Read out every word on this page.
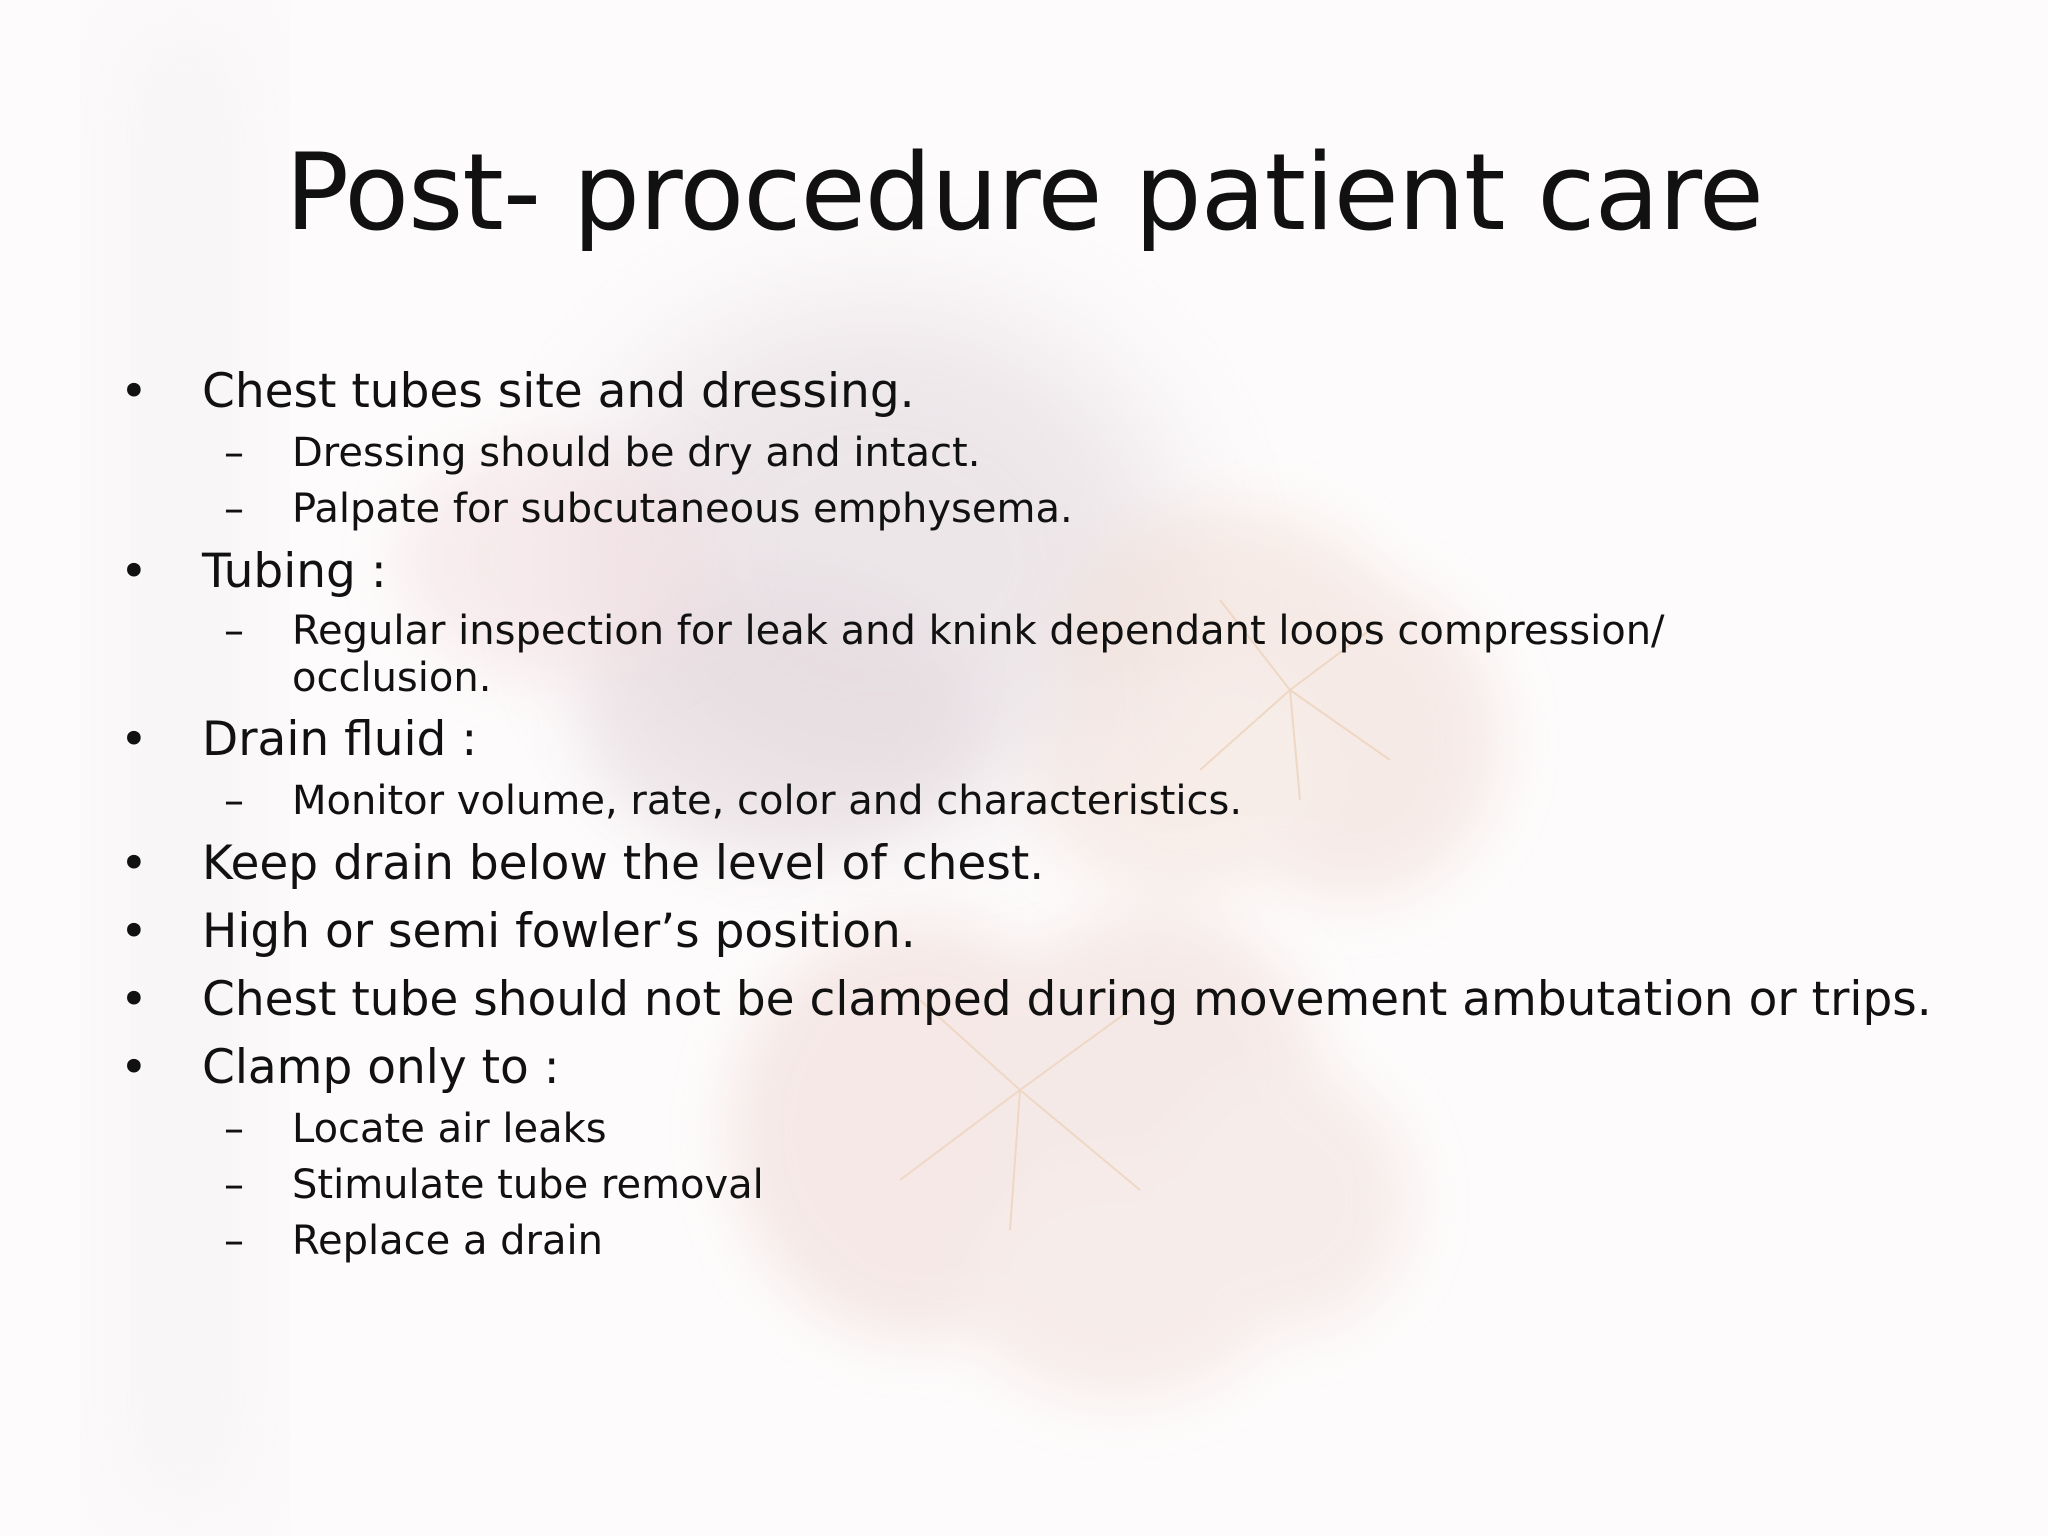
Post- procedure patient care
• Chest tubes site and dressing.
– Dressing should be dry and intact.
– Palpate for subcutaneous emphysema.
• Tubing :
– Regular inspection for leak and knink dependant loops compression/ occlusion.
• Drain fluid :
– Monitor volume, rate, color and characteristics.
• Keep drain below the level of chest.
• High or semi fowler’s position.
• Chest tube should not be clamped during movement ambutation or trips.
• Clamp only to :
– Locate air leaks
– Stimulate tube removal
– Replace a drain
